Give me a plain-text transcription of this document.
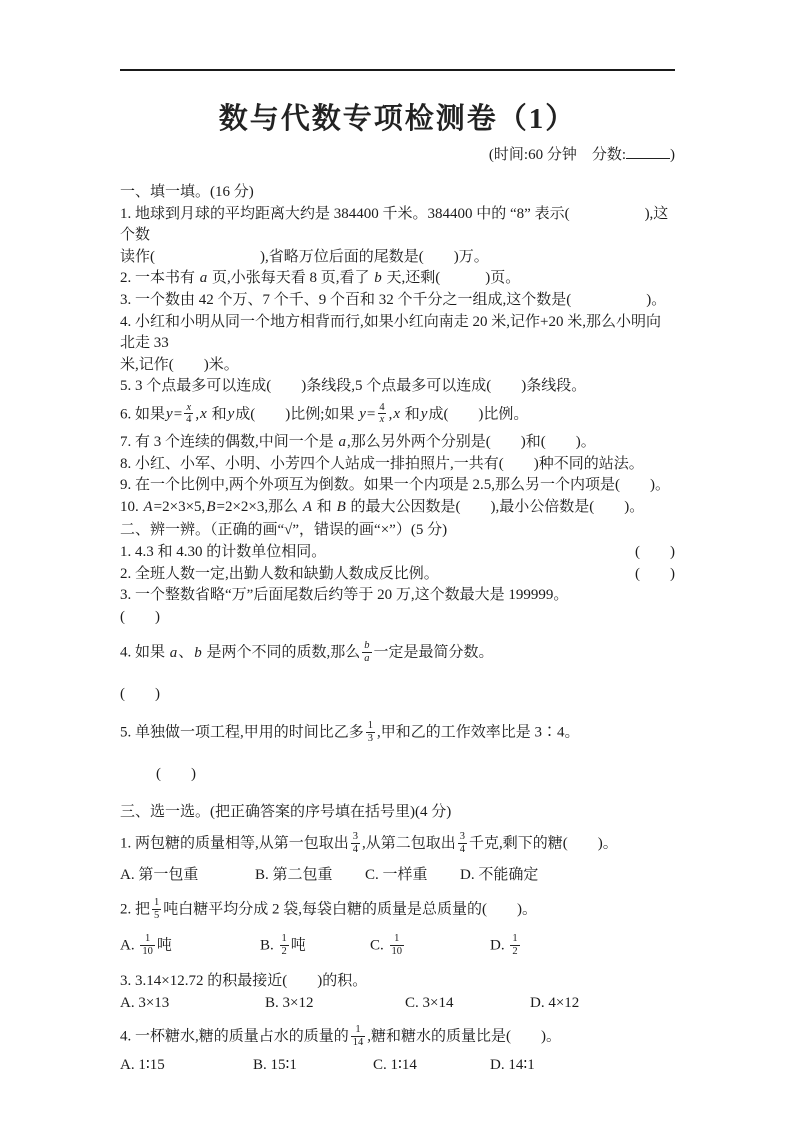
数与代数专项检测卷（1）
(时间:60 分钟　分数:	)
一、填一填。(16 分)
1. 地球到月球的平均距离大约是 384400 千米。384400 中的 “8” 表示(　　　　　),这个数
读作(　　　　　　　),省略万位后面的尾数是(　　)万。
2. 一本书有 a 页,小张每天看 8 页,看了 b 天,还剩(　　　)页。
3. 一个数由 42 个万、7 个千、9 个百和 32 个千分之一组成,这个数是(　　　　　)。
4. 小红和小明从同一个地方相背而行,如果小红向南走 20 米,记作+20 米,那么小明向北走 33
米,记作(　　)米。
5. 3 个点最多可以连成(　　)条线段,5 个点最多可以连成(　　)条线段。
6. 如果$y= \frac{x}{4} ,x$ 和y成(　　)比例;如果 $y= \frac{4}{x} ,x$ 和y成(　　)比例。
7. 有 3 个连续的偶数,中间一个是 a,那么另外两个分别是(　　)和(　　)。
8. 小红、小军、小明、小芳四个人站成一排拍照片,一共有(　　)种不同的站法。
9. 在一个比例中,两个外项互为倒数。如果一个内项是 2.5,那么另一个内项是(　　)。
10. A=2×3×5,B=2×2×3,那么 A 和 B 的最大公因数是(　　),最小公倍数是(　　)。
二、辨一辨。（正确的画“√”，错误的画“×”）(5 分)
1. 4.3 和 4.30 的计数单位相同。	(　　)
2. 全班人数一定,出勤人数和缺勤人数成反比例。	(　　)
3. 一个整数省略“万”后面尾数后约等于 20 万,这个数最大是 199999。
(　　)
4. 如果 a、b 是两个不同的质数,那么 $\frac{b}{a}$ 一定是最简分数。
(　　)
5. 单独做一项工程,甲用的时间比乙多 $\frac{1}{3}$ ,甲和乙的工作效率比是 3∶4。
(　　)
三、选一选。(把正确答案的序号填在括号里)(4 分)
1. 两包糖的质量相等,从第一包取出 $\frac{3}{4}$ ,从第二包取出 $\frac{3}{4}$ 千克,剩下的糖(　　)。
A. 第一包重	B. 第二包重	C. 一样重	D. 不能确定
2. 把 $\frac{1}{5}$ 吨白糖平均分成 2 袋,每袋白糖的质量是总质量的(　　)。
A. $\frac{1}{10}$ 吨	B. $\frac{1}{2}$ 吨	C. $\frac{1}{10}$	D. $\frac{1}{2}$
3. 3.14×12.72 的积最接近(　　)的积。
A. 3×13	B. 3×12	C. 3×14	D. 4×12
4. 一杯糖水,糖的质量占水的质量的 $\frac{1}{14}$ ,糖和糖水的质量比是(　　)。
A. 1∶15	B. 15∶1	C. 1∶14	D. 14∶1
